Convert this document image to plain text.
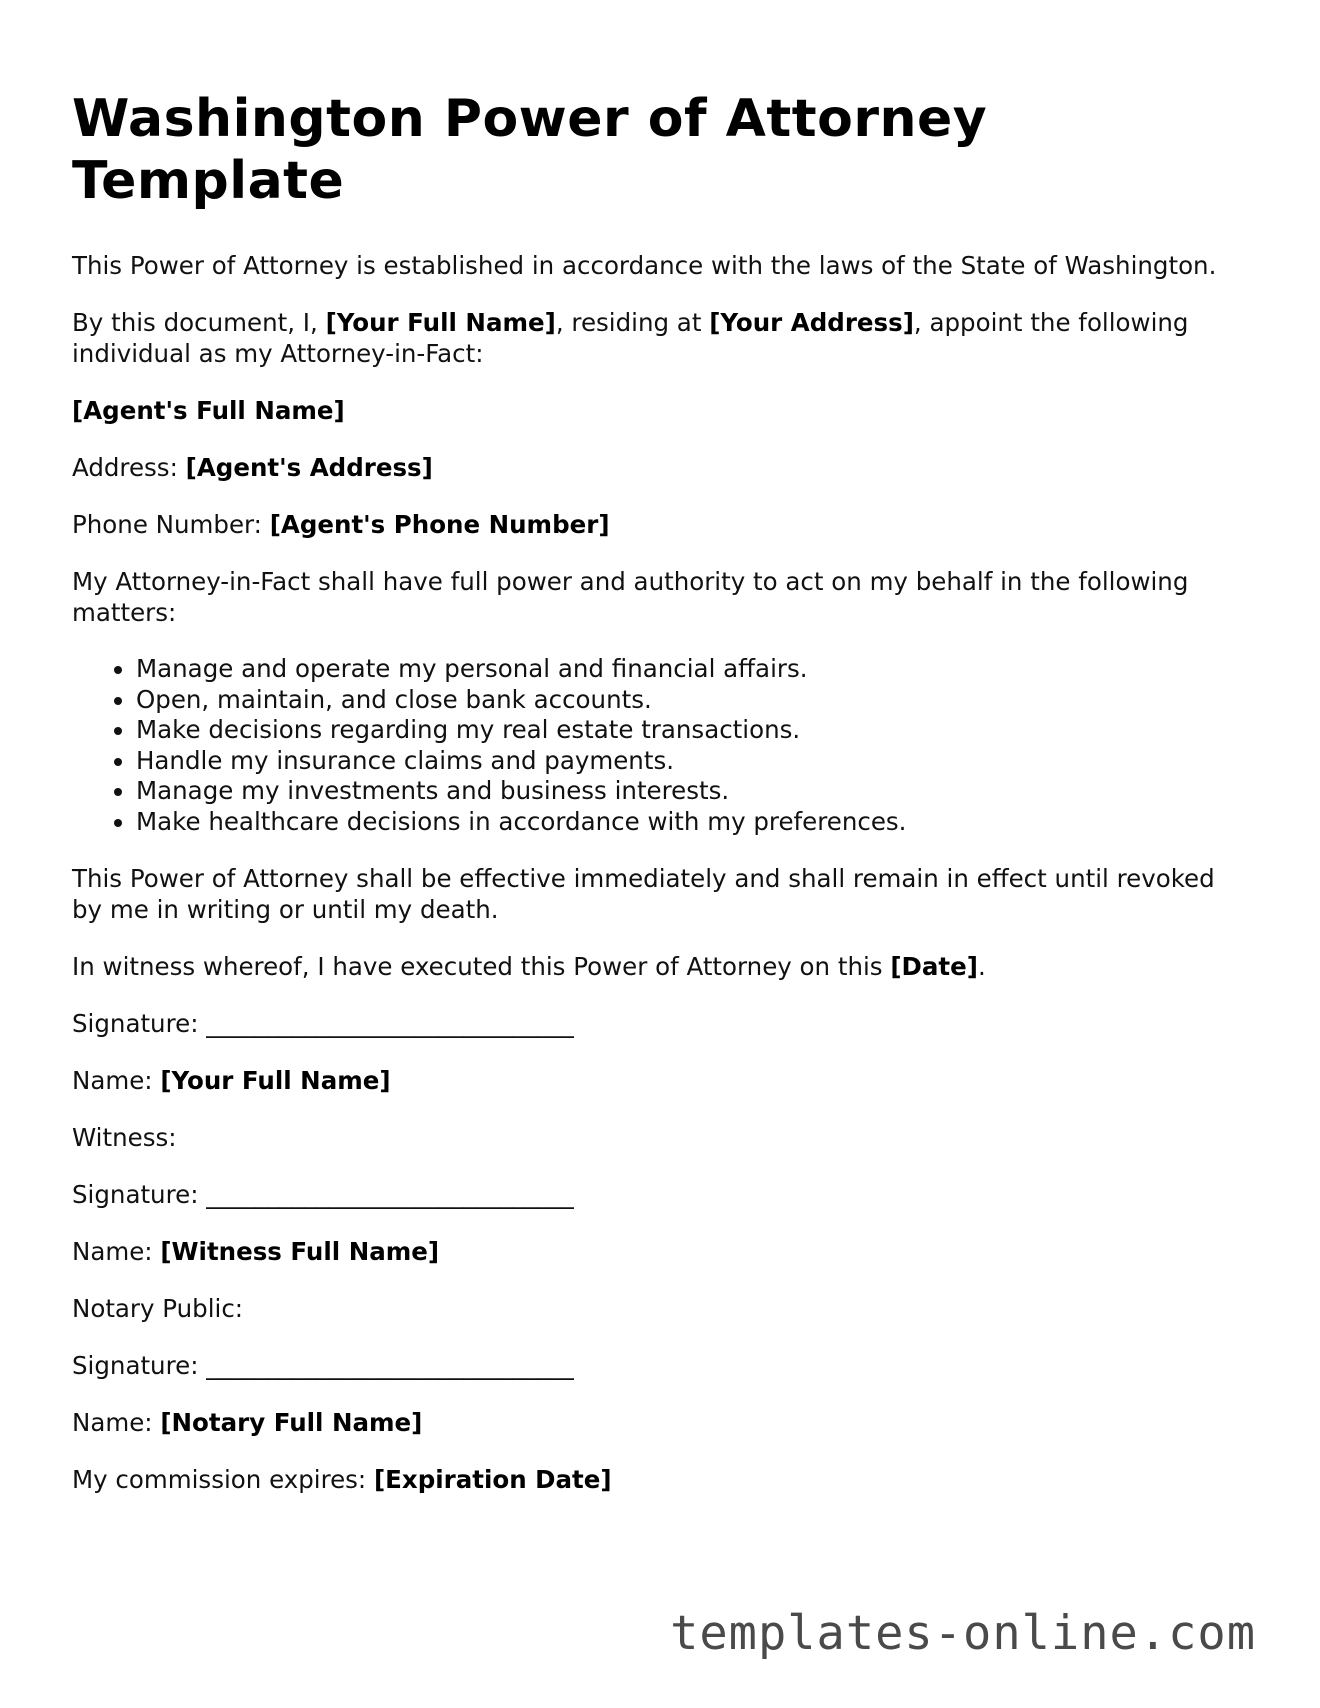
Washington Power of Attorney Template

This Power of Attorney is established in accordance with the laws of the State of Washington.

By this document, I, [Your Full Name], residing at [Your Address], appoint the following individual as my Attorney-in-Fact:

[Agent's Full Name]

Address: [Agent's Address]

Phone Number: [Agent's Phone Number]

My Attorney-in-Fact shall have full power and authority to act on my behalf in the following matters:

• Manage and operate my personal and financial affairs.
• Open, maintain, and close bank accounts.
• Make decisions regarding my real estate transactions.
• Handle my insurance claims and payments.
• Manage my investments and business interests.
• Make healthcare decisions in accordance with my preferences.

This Power of Attorney shall be effective immediately and shall remain in effect until revoked by me in writing or until my death.

In witness whereof, I have executed this Power of Attorney on this [Date].

Signature: ______________________________

Name: [Your Full Name]

Witness:

Signature: ______________________________

Name: [Witness Full Name]

Notary Public:

Signature: ______________________________

Name: [Notary Full Name]

My commission expires: [Expiration Date]

templates-online.com
